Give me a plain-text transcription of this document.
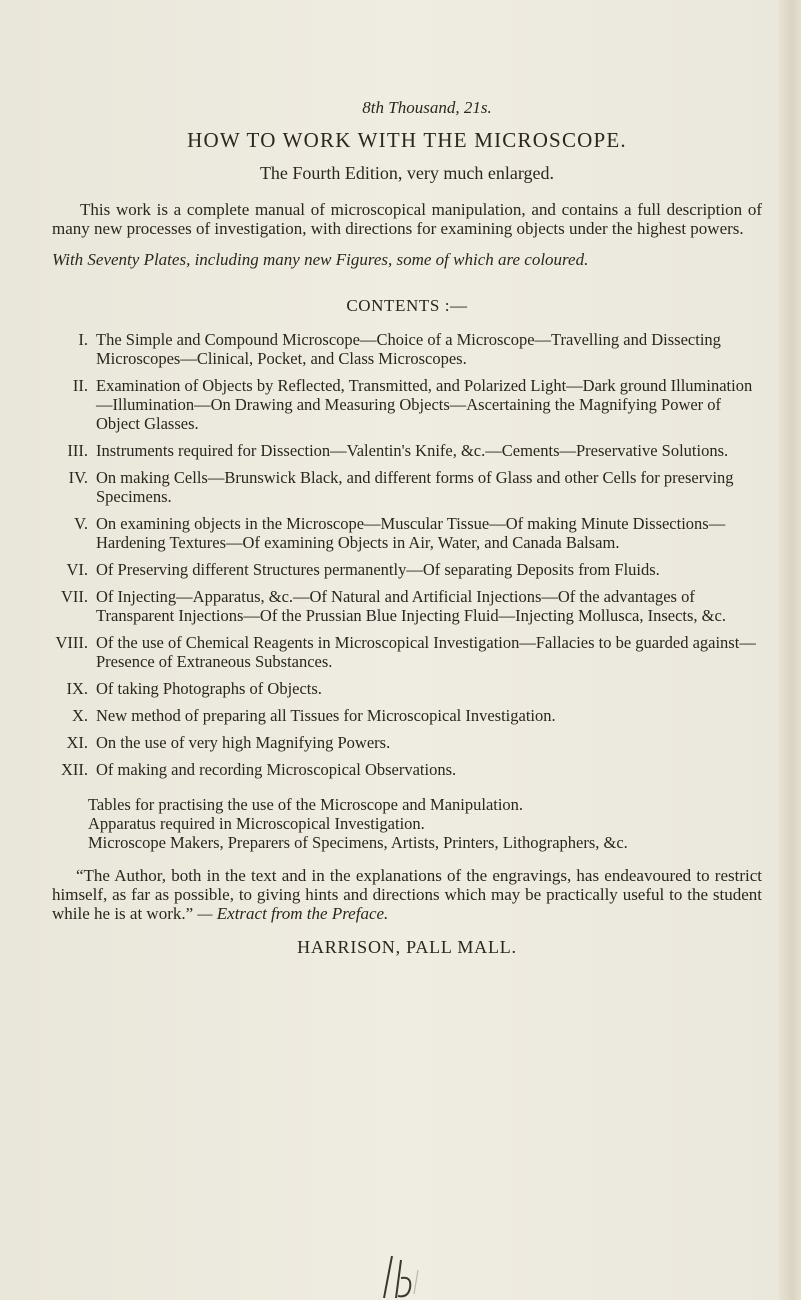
8th Thousand, 21s.

HOW TO WORK WITH THE MICROSCOPE.

The Fourth Edition, very much enlarged.

This work is a complete manual of microscopical manipulation, and contains a full description of many new processes of investigation, with directions for examining objects under the highest powers.

With Seventy Plates, including many new Figures, some of which are coloured.

CONTENTS :—

I. The Simple and Compound Microscope—Choice of a Microscope—Travelling and Dissecting Microscopes—Clinical, Pocket, and Class Microscopes.
II. Examination of Objects by Reflected, Transmitted, and Polarized Light—Dark ground Illumination—Illumination—On Drawing and Measuring Objects—Ascertaining the Magnifying Power of Object Glasses.
III. Instruments required for Dissection—Valentin's Knife, &c.—Cements—Preservative Solutions.
IV. On making Cells—Brunswick Black, and different forms of Glass and other Cells for preserving Specimens.
V. On examining objects in the Microscope—Muscular Tissue—Of making Minute Dissections—Hardening Textures—Of examining Objects in Air, Water, and Canada Balsam.
VI. Of Preserving different Structures permanently—Of separating Deposits from Fluids.
VII. Of Injecting—Apparatus, &c.—Of Natural and Artificial Injections—Of the advantages of Transparent Injections—Of the Prussian Blue Injecting Fluid—Injecting Mollusca, Insects, &c.
VIII. Of the use of Chemical Reagents in Microscopical Investigation—Fallacies to be guarded against—Presence of Extraneous Substances.
IX. Of taking Photographs of Objects.
X. New method of preparing all Tissues for Microscopical Investigation.
XI. On the use of very high Magnifying Powers.
XII. Of making and recording Microscopical Observations.
Tables for practising the use of the Microscope and Manipulation.
Apparatus required in Microscopical Investigation.
Microscope Makers, Preparers of Specimens, Artists, Printers, Lithographers, &c.

“The Author, both in the text and in the explanations of the engravings, has endeavoured to restrict himself, as far as possible, to giving hints and directions which may be practically useful to the student while he is at work.” — Extract from the Preface.

HARRISON, PALL MALL.
